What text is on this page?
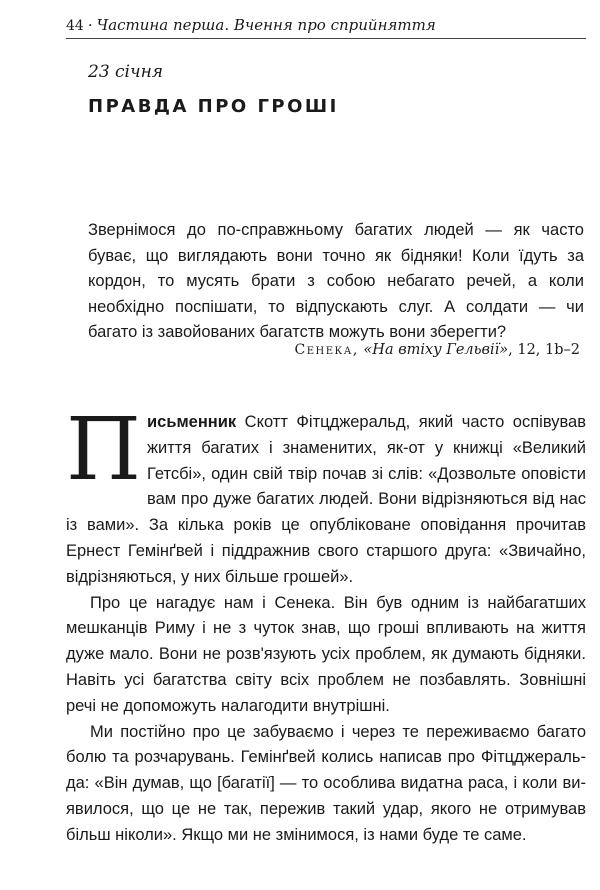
44 · Частина перша. Вчення про сприйняття
23 січня
ПРАВДА ПРО ГРОШІ

Звернімося до по-справжньому багатих людей — як часто буває, що виглядають вони точно як бідняки! Коли їдуть за кордон, то мусять брати з собою небагато речей, а коли необхідно поспішати, то відпускають слуг. А солдати — чи багато із завойованих багатств можуть вони зберегти?

Сенека, «На втіху Гельвії», 12, 1b–2

Письменник Скотт Фітцджеральд, який часто оспівував життя багатих і знаменитих, як-от у книжці «Великий Гетсбі», один свій твір почав зі слів: «Дозвольте оповісти вам про дуже багатих людей. Вони відрізняються від нас із вами». За кілька років це опубліковане оповідання прочитав Ернест Гемінґвей і піддражнив свого старшого друга: «Звичайно, відрізняються, у них більше грошей».

Про це нагадує нам і Сенека. Він був одним із найбагатших мешканців Риму і не з чуток знав, що гроші впливають на життя дуже мало. Вони не розв'язують усіх проблем, як думають бідняки. Навіть усі багатства світу всіх проблем не позбавлять. Зовнішні речі не допоможуть налагодити внутрішні.

Ми постійно про це забуваємо і через те переживаємо багато болю та розчарувань. Гемінґвей колись написав про Фітцджеральда: «Він думав, що [багатії] — то особлива видатна раса, і коли виявилося, що це не так, пережив такий удар, якого не отримував більш ніколи». Якщо ми не змінимося, із нами буде те саме.
